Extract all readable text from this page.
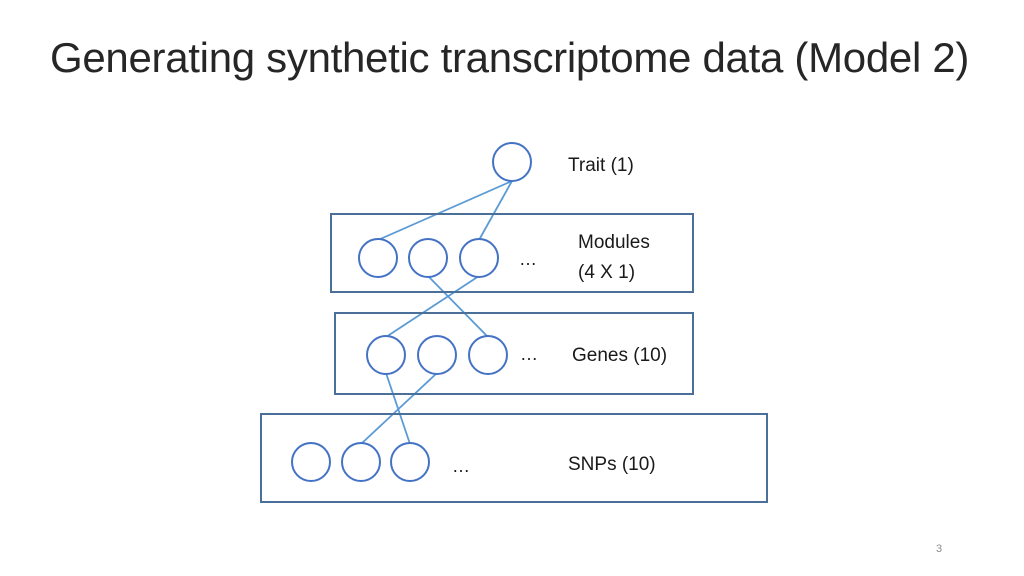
Generating synthetic transcriptome data (Model 2)
Trait (1)
…
Modules
(4 X 1)
… Genes (10)
…	SNPs (10)
3
